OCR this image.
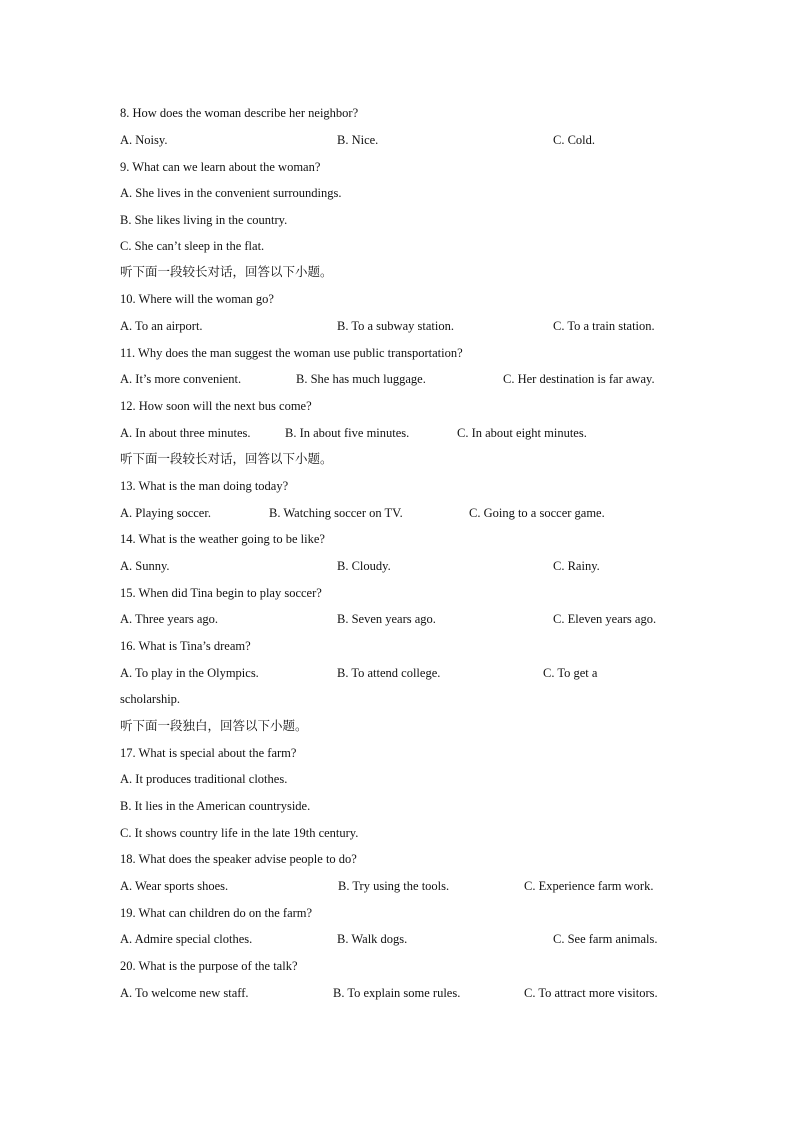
8. How does the woman describe her neighbor?
A. Noisy.	B. Nice.	C. Cold.
9. What can we learn about the woman?
A. She lives in the convenient surroundings.
B. She likes living in the country.
C. She can’t sleep in the flat.
听下面一段较长对话，回答以下小题。
10. Where will the woman go?
A. To an airport.	B. To a subway station.	C. To a train station.
11. Why does the man suggest the woman use public transportation?
A. It’s more convenient.	B. She has much luggage.	C. Her destination is far away.
12. How soon will the next bus come?
A. In about three minutes.	B. In about five minutes.	C. In about eight minutes.
听下面一段较长对话，回答以下小题。
13. What is the man doing today?
A. Playing soccer.	B. Watching soccer on TV.	C. Going to a soccer game.
14. What is the weather going to be like?
A. Sunny.	B. Cloudy.	C. Rainy.
15. When did Tina begin to play soccer?
A. Three years ago.	B. Seven years ago.	C. Eleven years ago.
16. What is Tina’s dream?
A. To play in the Olympics.	B. To attend college.	C. To get a
scholarship.
听下面一段独白，回答以下小题。
17. What is special about the farm?
A. It produces traditional clothes.
B. It lies in the American countryside.
C. It shows country life in the late 19th century.
18. What does the speaker advise people to do?
A. Wear sports shoes.	B. Try using the tools.	C. Experience farm work.
19. What can children do on the farm?
A. Admire special clothes.	B. Walk dogs.	C. See farm animals.
20. What is the purpose of the talk?
A. To welcome new staff.	B. To explain some rules.	C. To attract more visitors.
